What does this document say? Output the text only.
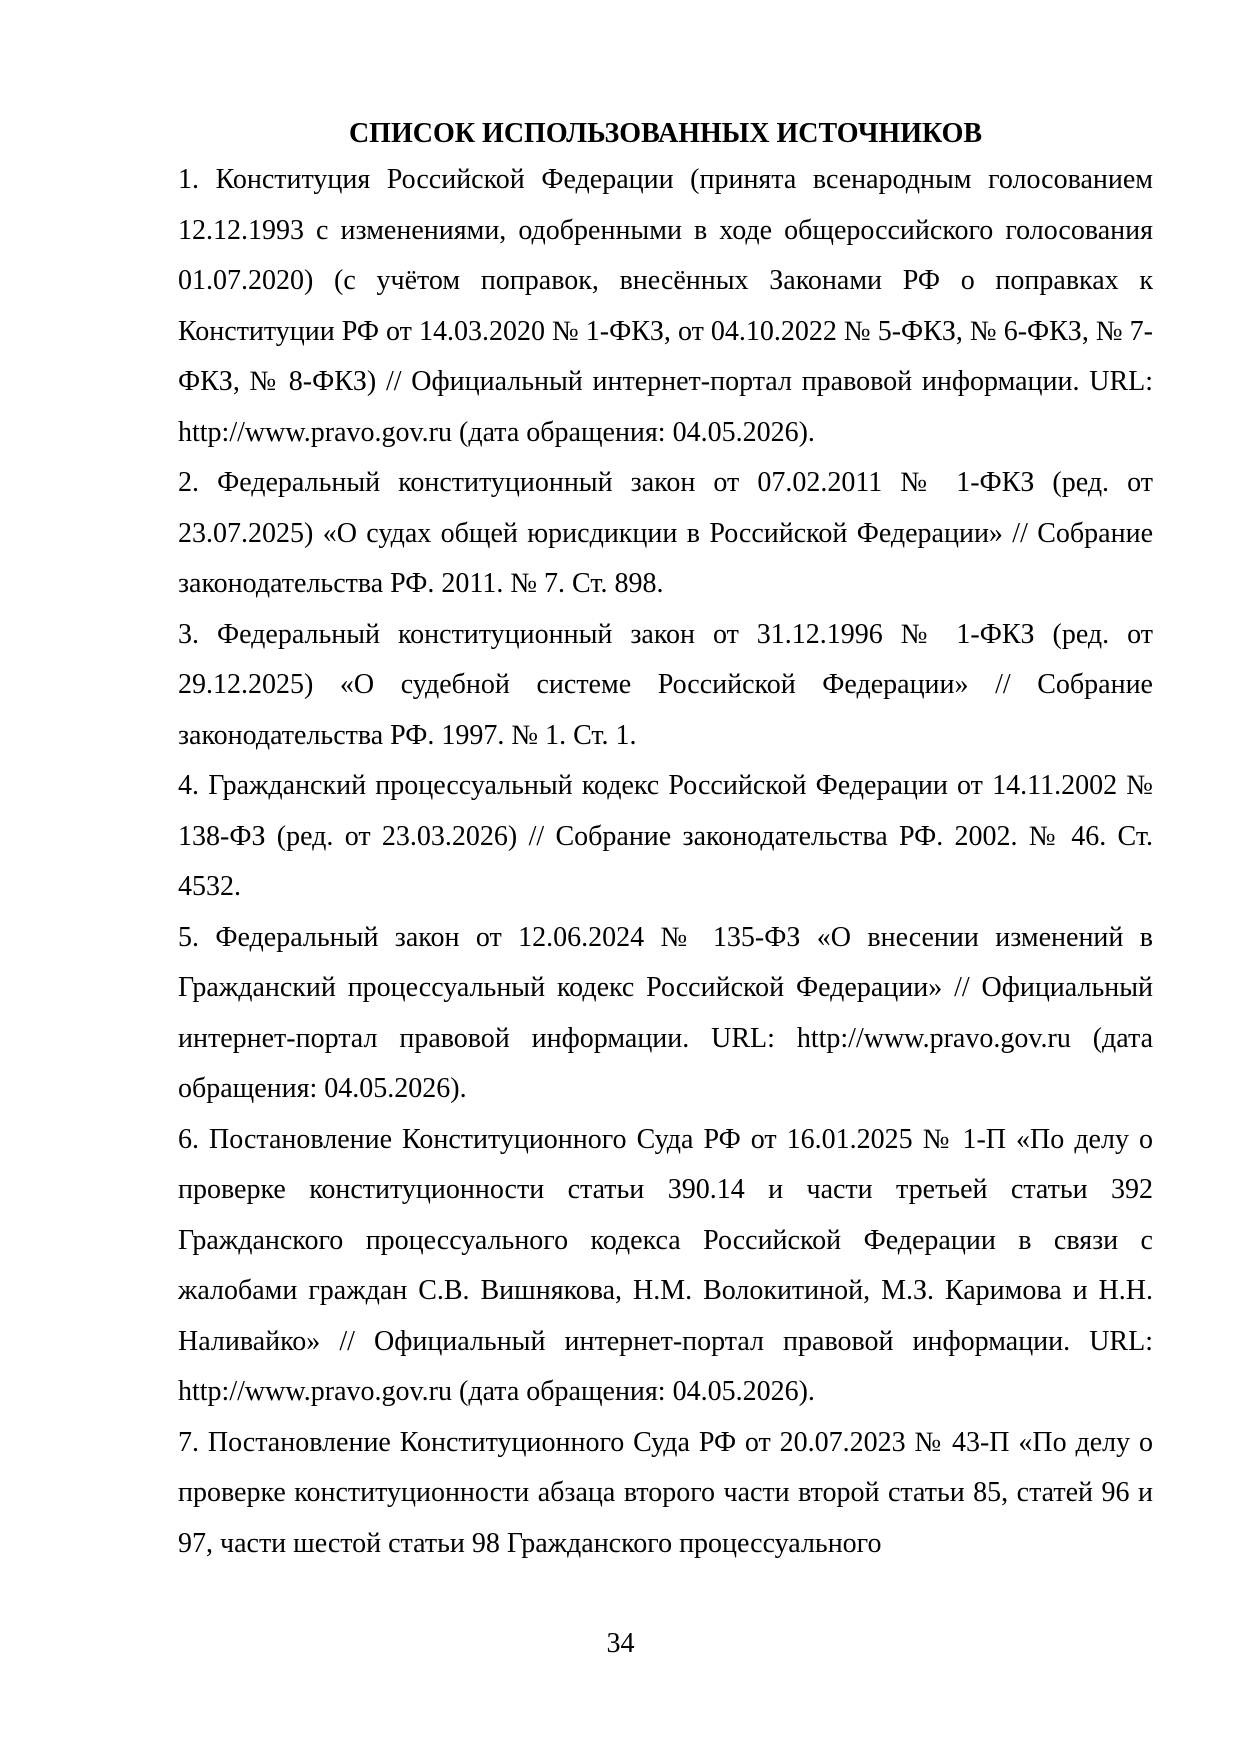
СПИСОК ИСПОЛЬЗОВАННЫХ ИСТОЧНИКОВ
1. Конституция Российской Федерации (принята всенародным голосованием 12.12.1993 с изменениями, одобренными в ходе общероссийского голосования 01.07.2020) (с учётом поправок, внесённых Законами РФ о поправках к Конституции РФ от 14.03.2020 № 1-ФКЗ, от 04.10.2022 № 5-ФКЗ, № 6-ФКЗ, № 7-ФКЗ, № 8-ФКЗ) // Официальный интернет-портал правовой информации. URL: http://www.pravo.gov.ru (дата обращения: 04.05.2026).
2. Федеральный конституционный закон от 07.02.2011 № 1-ФКЗ (ред. от 23.07.2025) «О судах общей юрисдикции в Российской Федерации» // Собрание законодательства РФ. 2011. № 7. Ст. 898.
3. Федеральный конституционный закон от 31.12.1996 № 1-ФКЗ (ред. от 29.12.2025) «О судебной системе Российской Федерации» // Собрание законодательства РФ. 1997. № 1. Ст. 1.
4. Гражданский процессуальный кодекс Российской Федерации от 14.11.2002 № 138-ФЗ (ред. от 23.03.2026) // Собрание законодательства РФ. 2002. № 46. Ст. 4532.
5. Федеральный закон от 12.06.2024 № 135-ФЗ «О внесении изменений в Гражданский процессуальный кодекс Российской Федерации» // Официальный интернет-портал правовой информации. URL: http://www.pravo.gov.ru (дата обращения: 04.05.2026).
6. Постановление Конституционного Суда РФ от 16.01.2025 № 1-П «По делу о проверке конституционности статьи 390.14 и части третьей статьи 392 Гражданского процессуального кодекса Российской Федерации в связи с жалобами граждан С.В. Вишнякова, Н.М. Волокитиной, М.З. Каримова и Н.Н. Наливайко» // Официальный интернет-портал правовой информации. URL: http://www.pravo.gov.ru (дата обращения: 04.05.2026).
7. Постановление Конституционного Суда РФ от 20.07.2023 № 43-П «По делу о проверке конституционности абзаца второго части второй статьи 85, статей 96 и 97, части шестой статьи 98 Гражданского процессуального
34
